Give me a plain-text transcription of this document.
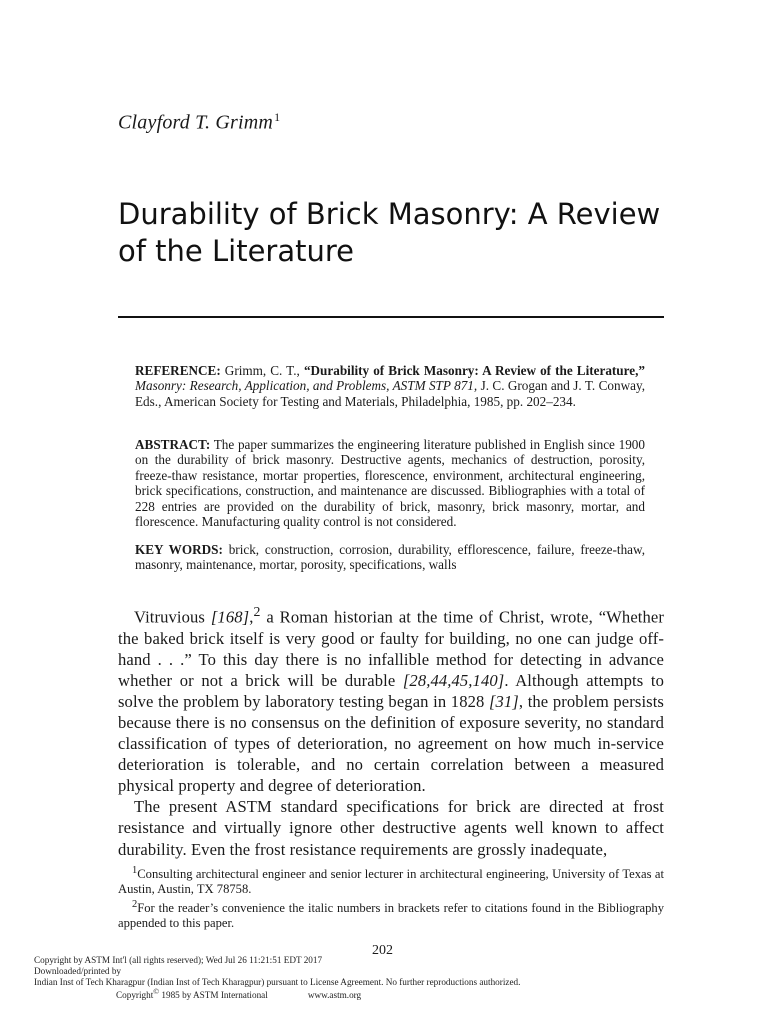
Clayford T. Grimm$^1$
Durability of Brick Masonry: A Review of the Literature
REFERENCE: Grimm, C. T., “Durability of Brick Masonry: A Review of the Literature,” Masonry: Research, Application, and Problems, ASTM STP 871, J. C. Grogan and J. T. Conway, Eds., American Society for Testing and Materials, Philadelphia, 1985, pp. 202–234.
ABSTRACT: The paper summarizes the engineering literature published in English since 1900 on the durability of brick masonry. Destructive agents, mechanics of destruction, porosity, freeze-thaw resistance, mortar properties, florescence, environment, architectural engineering, brick specifications, construction, and maintenance are discussed. Bibliographies with a total of 228 entries are provided on the durability of brick, masonry, brick masonry, mortar, and florescence. Manufacturing quality control is not considered.
KEY WORDS: brick, construction, corrosion, durability, efflorescence, failure, freeze-thaw, masonry, maintenance, mortar, porosity, specifications, walls

Vitruvious [168],$^2$ a Roman historian at the time of Christ, wrote, “Whether the baked brick itself is very good or faulty for building, no one can judge off-hand . . .” To this day there is no infallible method for detecting in advance whether or not a brick will be durable [28,44,45,140]. Although attempts to solve the problem by laboratory testing began in 1828 [31], the problem persists because there is no consensus on the definition of exposure severity, no standard classification of types of deterioration, no agreement on how much in-service deterioration is tolerable, and no certain correlation between a measured physical property and degree of deterioration.

The present ASTM standard specifications for brick are directed at frost resistance and virtually ignore other destructive agents well known to affect durability. Even the frost resistance requirements are grossly inadequate,

$^1$Consulting architectural engineer and senior lecturer in architectural engineering, University of Texas at Austin, Austin, TX 78758.

$^2$For the reader’s convenience the italic numbers in brackets refer to citations found in the Bibliography appended to this paper.

202
Copyright by ASTM Int'l (all rights reserved); Wed Jul 26 11:21:51 EDT 2017
Downloaded/printed by
Indian Inst of Tech Kharagpur (Indian Inst of Tech Kharagpur) pursuant to License Agreement. No further reproductions authorized.
Copyright© 1985 by ASTM International	www.astm.org
